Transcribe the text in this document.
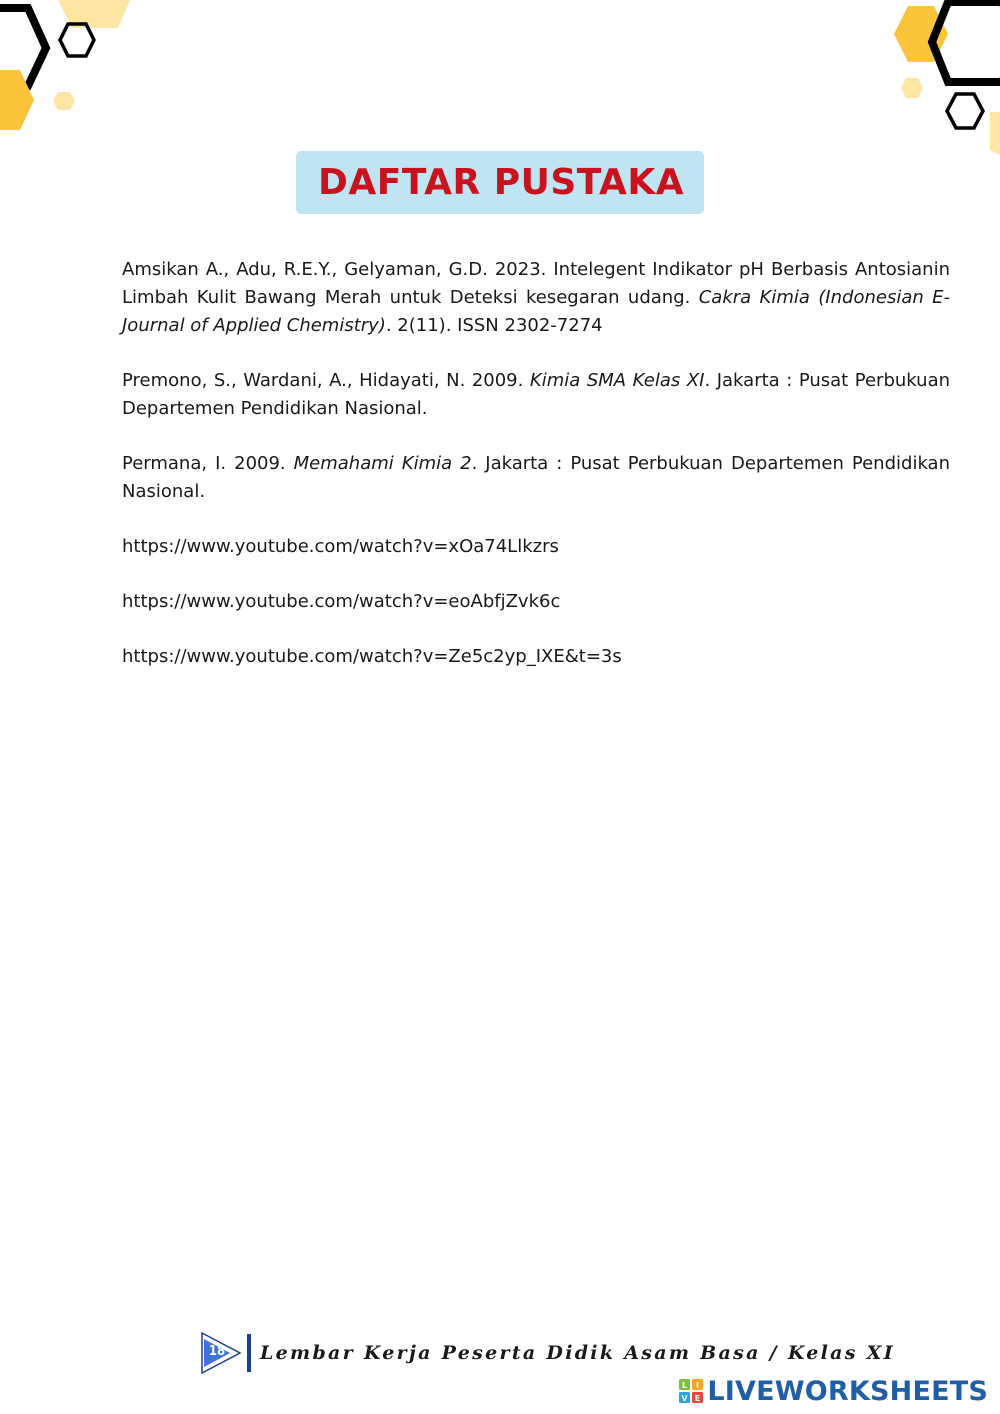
DAFTAR PUSTAKA

Amsikan A., Adu, R.E.Y., Gelyaman, G.D. 2023. Intelegent Indikator pH Berbasis Antosianin Limbah Kulit Bawang Merah untuk Deteksi kesegaran udang. Cakra Kimia (Indonesian E-Journal of Applied Chemistry). 2(11). ISSN 2302-7274

Premono, S., Wardani, A., Hidayati, N. 2009. Kimia SMA Kelas XI. Jakarta : Pusat Perbukuan Departemen Pendidikan Nasional.

Permana, I. 2009. Memahami Kimia 2. Jakarta : Pusat Perbukuan Departemen Pendidikan Nasional.

https://www.youtube.com/watch?v=xOa74Llkzrs

https://www.youtube.com/watch?v=eoAbfjZvk6c

https://www.youtube.com/watch?v=Ze5c2yp_IXE&t=3s

18 Lembar Kerja Peserta Didik Asam Basa / Kelas XI
L I
V E LIVEWORKSHEETS
